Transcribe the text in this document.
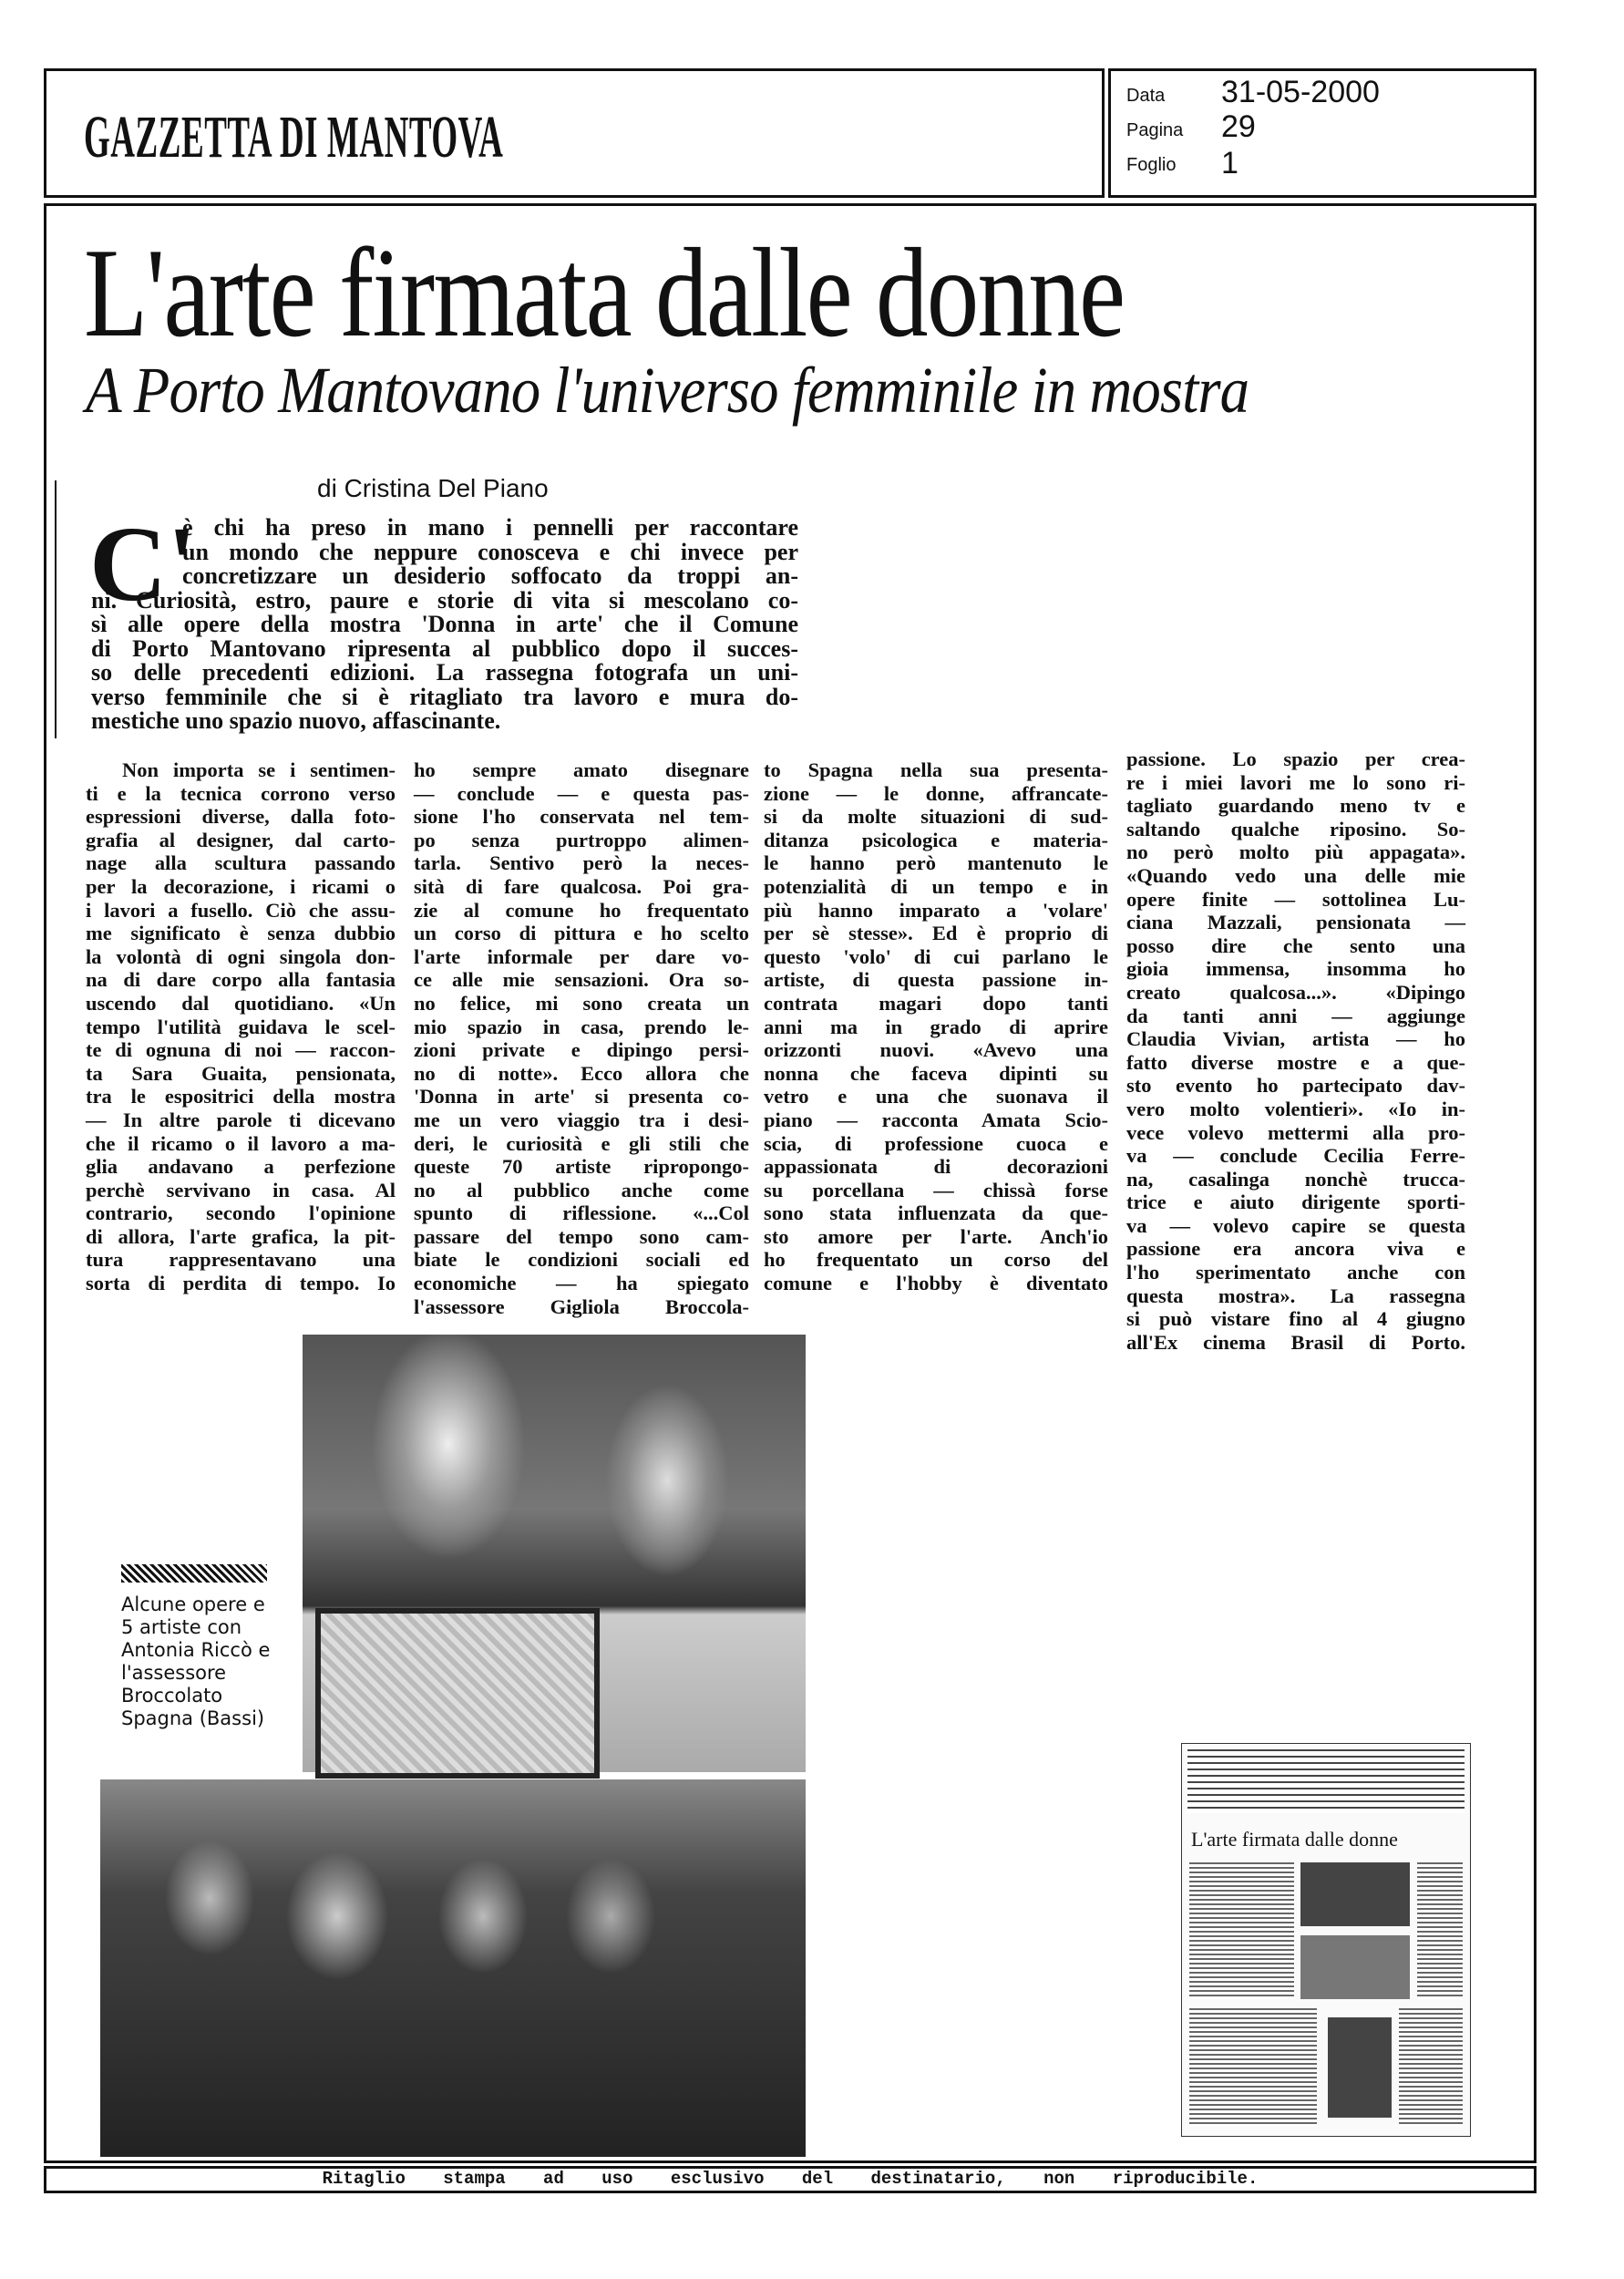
GAZZETTA DI MANTOVA
Data 31-05-2000
Pagina 29
Foglio 1
L'arte firmata dalle donne
A Porto Mantovano l'universo femminile in mostra
di Cristina Del Piano
C'
è chi ha preso in mano i pennelli per raccontare
un mondo che neppure conosceva e chi invece per
concretizzare un desiderio soffocato da troppi an-
ni. Curiosità, estro, paure e storie di vita si mescolano co-
sì alle opere della mostra 'Donna in arte' che il Comune
di Porto Mantovano ripresenta al pubblico dopo il succes-
so delle precedenti edizioni. La rassegna fotografa un uni-
verso femminile che si è ritagliato tra lavoro e mura do-
mestiche uno spazio nuovo, affascinante.
Non importa se i sentimen-
ti e la tecnica corrono verso
espressioni diverse, dalla foto-
grafia al designer, dal carto-
nage alla scultura passando
per la decorazione, i ricami o
i lavori a fusello. Ciò che assu-
me significato è senza dubbio
la volontà di ogni singola don-
na di dare corpo alla fantasia
uscendo dal quotidiano. «Un
tempo l'utilità guidava le scel-
te di ognuna di noi — raccon-
ta Sara Guaita, pensionata,
tra le espositrici della mostra
— In altre parole ti dicevano
che il ricamo o il lavoro a ma-
glia andavano a perfezione
perchè servivano in casa. Al
contrario, secondo l'opinione
di allora, l'arte grafica, la pit-
tura rappresentavano una
sorta di perdita di tempo. Io
ho sempre amato disegnare
— conclude — e questa pas-
sione l'ho conservata nel tem-
po senza purtroppo alimen-
tarla. Sentivo però la neces-
sità di fare qualcosa. Poi gra-
zie al comune ho frequentato
un corso di pittura e ho scelto
l'arte informale per dare vo-
ce alle mie sensazioni. Ora so-
no felice, mi sono creata un
mio spazio in casa, prendo le-
zioni private e dipingo persi-
no di notte». Ecco allora che
'Donna in arte' si presenta co-
me un vero viaggio tra i desi-
deri, le curiosità e gli stili che
queste 70 artiste ripropongo-
no al pubblico anche come
spunto di riflessione. «...Col
passare del tempo sono cam-
biate le condizioni sociali ed
economiche — ha spiegato
l'assessore Gigliola Broccola-
to Spagna nella sua presenta-
zione — le donne, affrancate-
si da molte situazioni di sud-
ditanza psicologica e materia-
le hanno però mantenuto le
potenzialità di un tempo e in
più hanno imparato a 'volare'
per sè stesse». Ed è proprio di
questo 'volo' di cui parlano le
artiste, di questa passione in-
contrata magari dopo tanti
anni ma in grado di aprire
orizzonti nuovi. «Avevo una
nonna che faceva dipinti su
vetro e una che suonava il
piano — racconta Amata Scio-
scia, di professione cuoca e
appassionata di decorazioni
su porcellana — chissà forse
sono stata influenzata da que-
sto amore per l'arte. Anch'io
ho frequentato un corso del
comune e l'hobby è diventato
passione. Lo spazio per crea-
re i miei lavori me lo sono ri-
tagliato guardando meno tv e
saltando qualche riposino. So-
no però molto più appagata».
«Quando vedo una delle mie
opere finite — sottolinea Lu-
ciana Mazzali, pensionata —
posso dire che sento una
gioia immensa, insomma ho
creato qualcosa...». «Dipingo
da tanti anni — aggiunge
Claudia Vivian, artista — ho
fatto diverse mostre e a que-
sto evento ho partecipato dav-
vero molto volentieri». «Io in-
vece volevo mettermi alla pro-
va — conclude Cecilia Ferre-
na, casalinga nonchè trucca-
trice e aiuto dirigente sporti-
va — volevo capire se questa
passione era ancora viva e
l'ho sperimentato anche con
questa mostra». La rassegna
si può vistare fino al 4 giugno
all'Ex cinema Brasil di Porto.
Alcune opere e 5 artiste con Antonia Riccò e l'assessore Broccolato Spagna (Bassi)
L'arte firmata dalle donne
Ritaglio stampa ad uso esclusivo del destinatario, non riproducibile.
